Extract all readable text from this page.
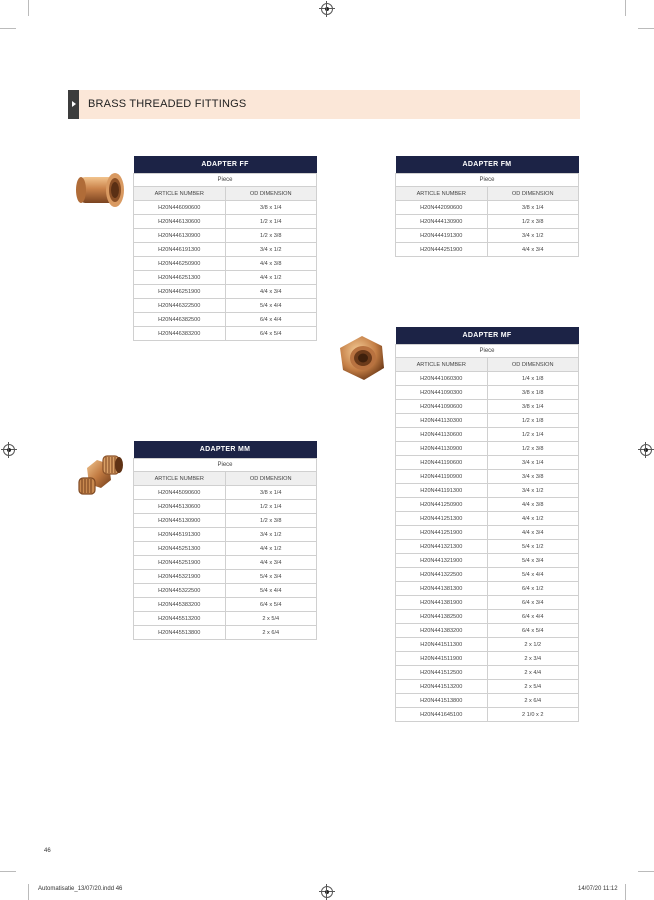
BRASS THREADED FITTINGS
ADAPTER FF	
Piece	
ARTICLE NUMBER	OD DIMENSION
H20N446090600	3/8 x 1/4
H20N446130600	1/2 x 1/4
H20N446130900	1/2 x 3/8
H20N446191300	3/4 x 1/2
H20N446250900	4/4 x 3/8
H20N446251300	4/4 x 1/2
H20N446251900	4/4 x 3/4
H20N446322500	5/4 x 4/4
H20N446382500	6/4 x 4/4
H20N446383200	6/4 x 5/4
ADAPTER FM	
Piece	
ARTICLE NUMBER	OD DIMENSION
H20N442090600	3/8 x 1/4
H20N444130900	1/2 x 3/8
H20N444191300	3/4 x 1/2
H20N444251900	4/4 x 3/4
ADAPTER MF	
Piece	
ARTICLE NUMBER	OD DIMENSION
H20N441060300	1/4 x 1/8
H20N441090300	3/8 x 1/8
H20N441090600	3/8 x 1/4
H20N441130300	1/2 x 1/8
H20N441130600	1/2 x 1/4
H20N441130900	1/2 x 3/8
H20N441190600	3/4 x 1/4
H20N441190900	3/4 x 3/8
H20N441191300	3/4 x 1/2
H20N441250900	4/4 x 3/8
H20N441251300	4/4 x 1/2
H20N441251900	4/4 x 3/4
H20N441321300	5/4 x 1/2
H20N441321900	5/4 x 3/4
H20N441322500	5/4 x 4/4
H20N441381300	6/4 x 1/2
H20N441381900	6/4 x 3/4
H20N441382500	6/4 x 4/4
H20N441383200	6/4 x 5/4
H20N441511300	2 x 1/2
H20N441511900	2 x 3/4
H20N441512500	2 x 4/4
H20N441513200	2 x 5/4
H20N441513800	2 x 6/4
H20N441645100	2 1/0 x 2
ADAPTER MM	
Piece	
ARTICLE NUMBER	OD DIMENSION
H20N445090600	3/8 x 1/4
H20N445130600	1/2 x 1/4
H20N445130900	1/2 x 3/8
H20N445191300	3/4 x 1/2
H20N445251300	4/4 x 1/2
H20N445251900	4/4 x 3/4
H20N445321900	5/4 x 3/4
H20N445322500	5/4 x 4/4
H20N445383200	6/4 x 5/4
H20N445513200	2 x 5/4
H20N445513800	2 x 6/4
46
Automatisatie_13/07/20.indd 46	14/07/20 11:12
